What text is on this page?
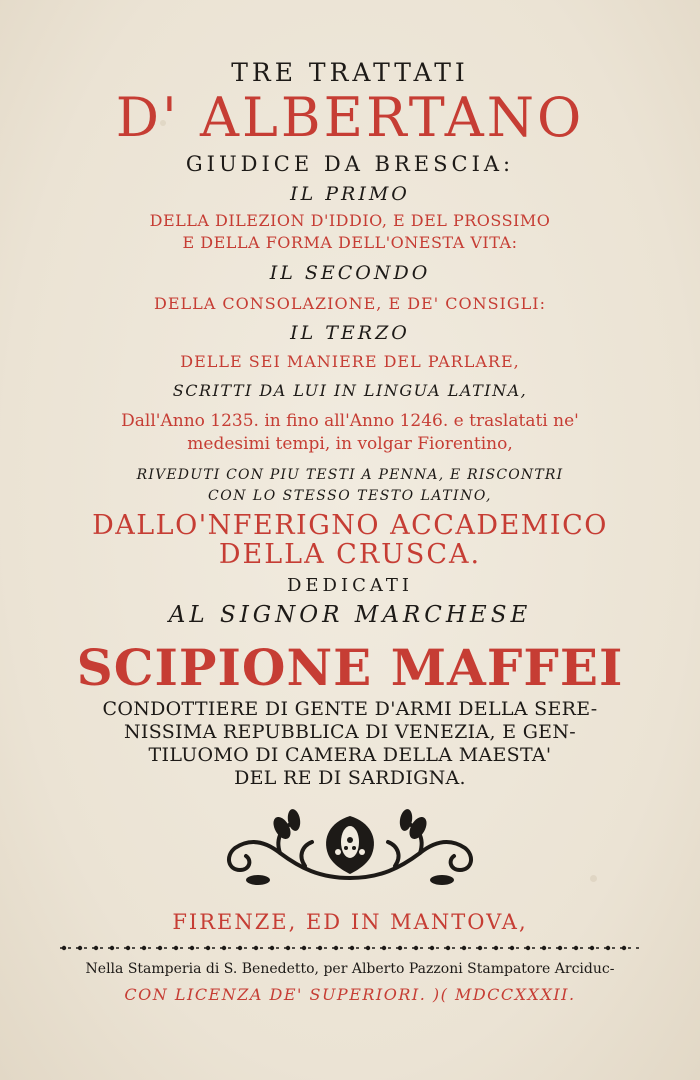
TRE TRATTATI
D' ALBERTANO
GIUDICE DA BRESCIA:
IL PRIMO
DELLA DILEZION D'IDDIO, E DEL PROSSIMO
E DELLA FORMA DELL'ONESTA VITA:
IL SECONDO
DELLA CONSOLAZIONE, E DE' CONSIGLI:
IL TERZO
DELLE SEI MANIERE DEL PARLARE,
SCRITTI DA LUI IN LINGUA LATINA,
Dall'Anno 1235. in fino all'Anno 1246. e traslatati ne'
medesimi tempi, in volgar Fiorentino,
RIVEDUTI CON PIU TESTI A PENNA, E RISCONTRI
CON LO STESSO TESTO LATINO,
DALLO'NFERIGNO ACCADEMICO
DELLA CRUSCA.
DEDICATI
AL SIGNOR MARCHESE
SCIPIONE MAFFEI
CONDOTTIERE DI GENTE D'ARMI DELLA SERE-
NISSIMA REPUBBLICA DI VENEZIA, E GEN-
TILUOMO DI CAMERA DELLA MAESTA'
DEL RE DI SARDIGNA.
FIRENZE, ED IN MANTOVA,
Nella Stamperia di S. Benedetto, per Alberto Pazzoni Stampatore Arciduc-
CON LICENZA DE' SUPERIORI. )( MDCCXXXII.
